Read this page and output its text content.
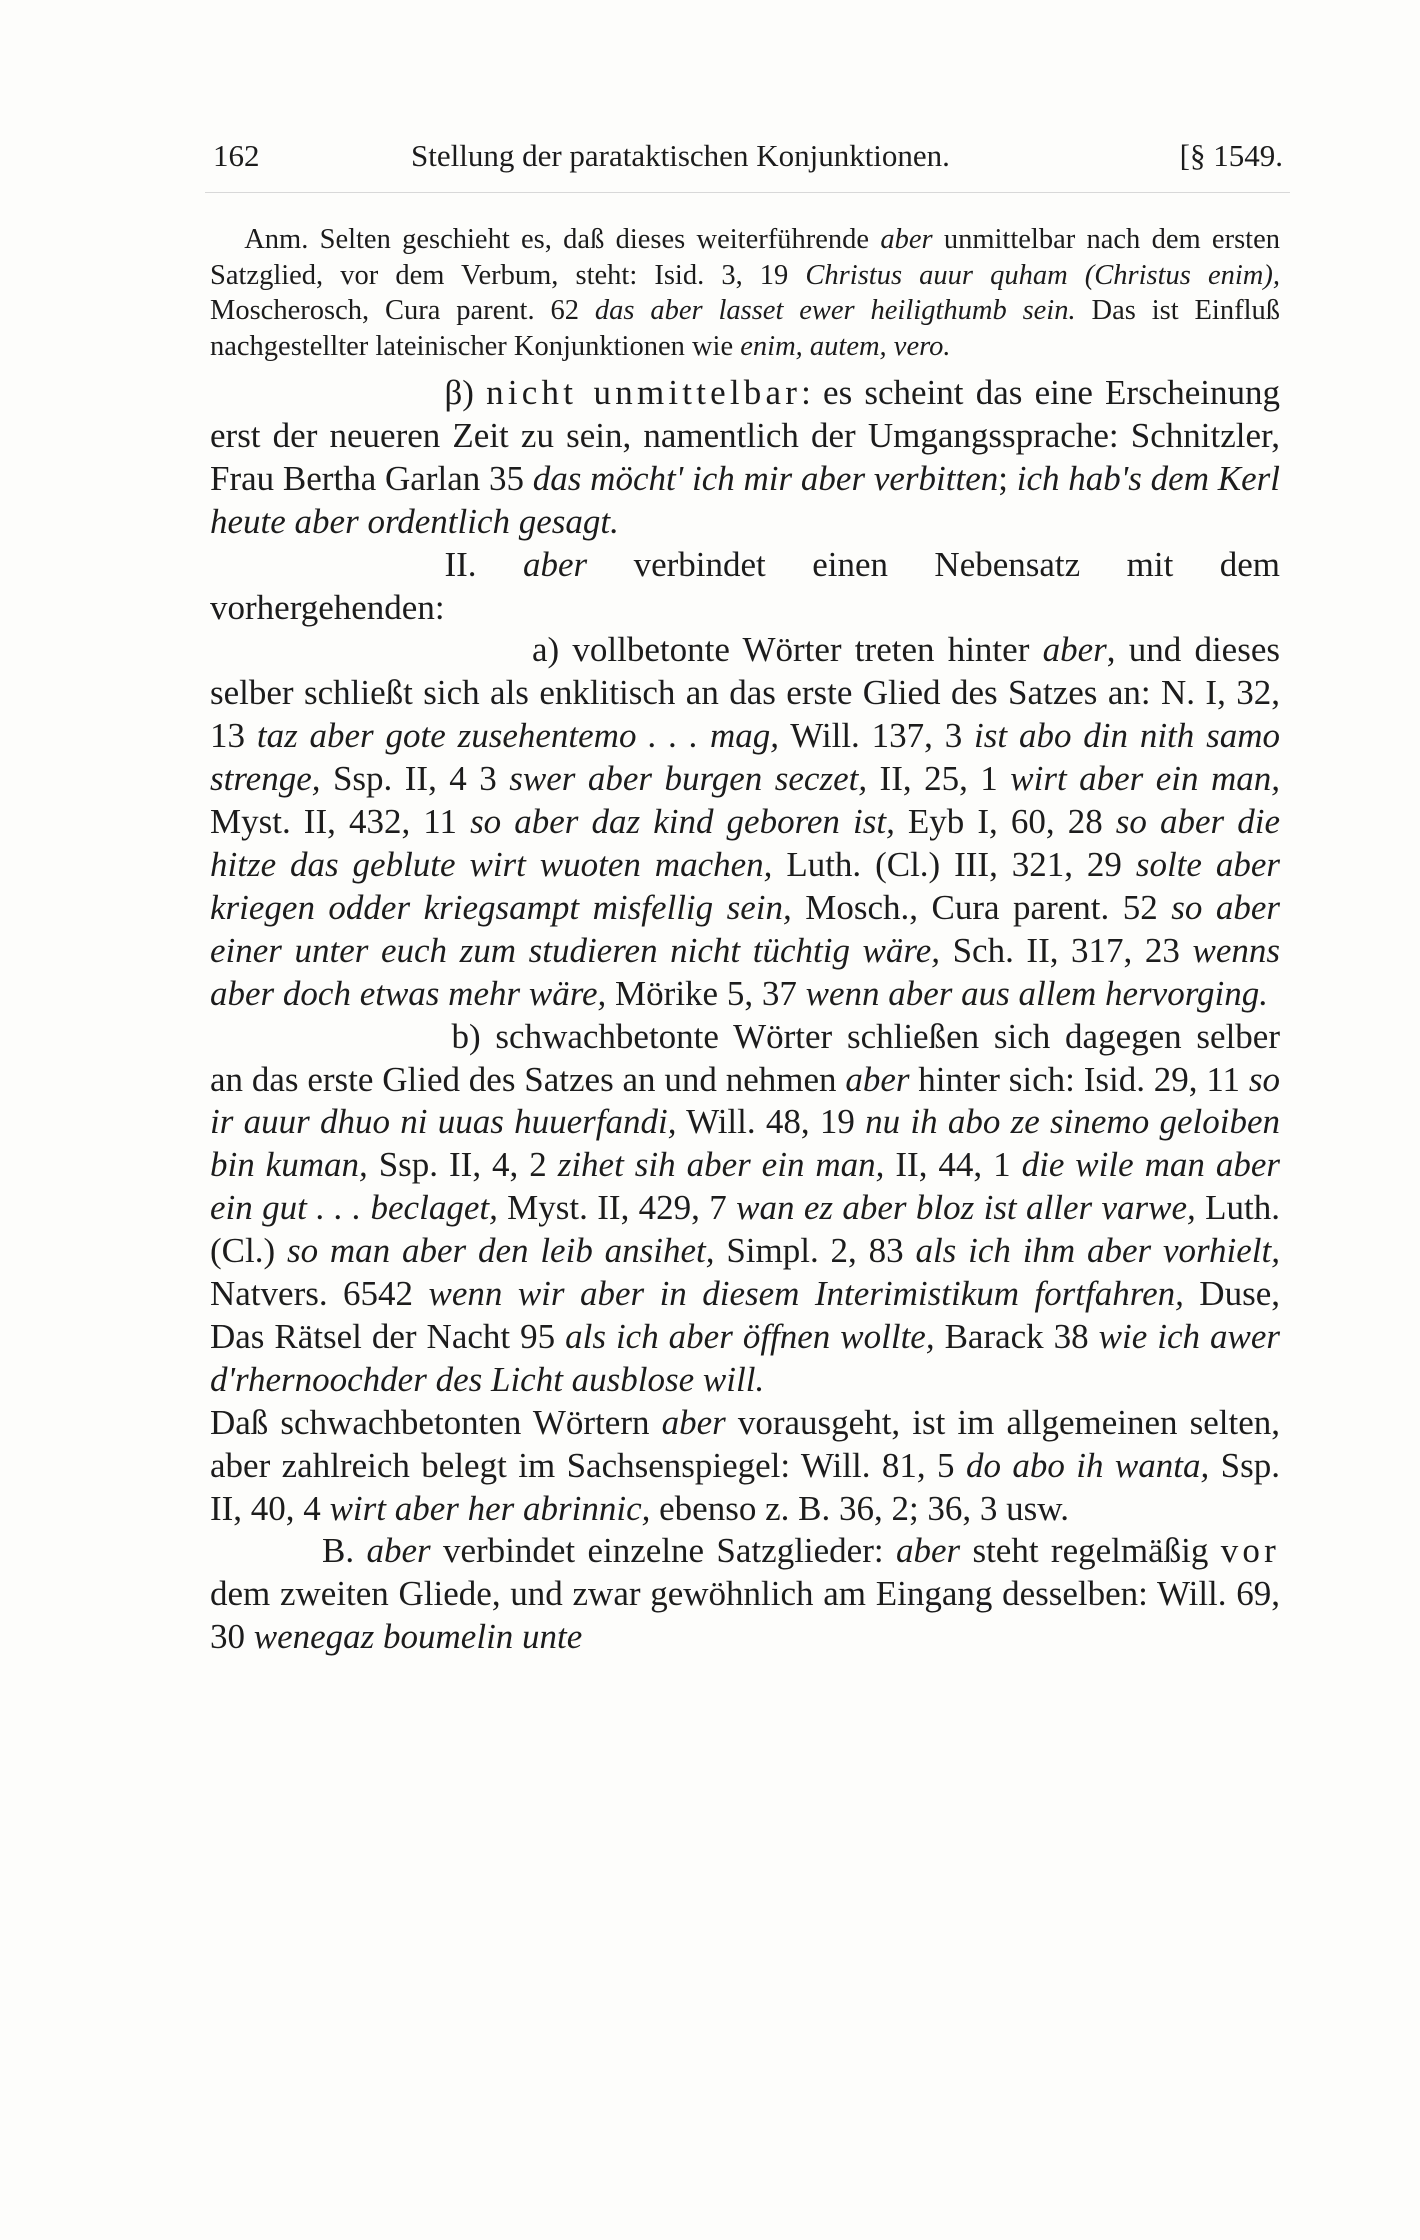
162	Stellung der parataktischen Konjunktionen.	[§ 1549.

Anm. Selten geschieht es, daß dieses weiterführende aber unmittelbar nach dem ersten Satzglied, vor dem Verbum, steht: Isid. 3, 19 Christus auur quham (Christus enim), Moscherosch, Cura parent. 62 das aber lasset ewer heiligthumb sein. Das ist Einfluß nachgestellter lateinischer Konjunktionen wie enim, autem, vero.

β) nicht unmittelbar: es scheint das eine Erscheinung erst der neueren Zeit zu sein, namentlich der Umgangssprache: Schnitzler, Frau Bertha Garlan 35 das möcht' ich mir aber verbitten; ich hab's dem Kerl heute aber ordentlich gesagt.

II. aber verbindet einen Nebensatz mit dem vorhergehenden:

a) vollbetonte Wörter treten hinter aber, und dieses selber schließt sich als enklitisch an das erste Glied des Satzes an: N. I, 32, 13 taz aber gote zusehentemo . . . mag, Will. 137, 3 ist abo din nith samo strenge, Ssp. II, 4 3 swer aber burgen seczet, II, 25, 1 wirt aber ein man, Myst. II, 432, 11 so aber daz kind geboren ist, Eyb I, 60, 28 so aber die hitze das geblute wirt wuoten machen, Luth. (Cl.) III, 321, 29 solte aber kriegen odder kriegsampt misfellig sein, Mosch., Cura parent. 52 so aber einer unter euch zum studieren nicht tüchtig wäre, Sch. II, 317, 23 wenns aber doch etwas mehr wäre, Mörike 5, 37 wenn aber aus allem hervorging.

b) schwachbetonte Wörter schließen sich dagegen selber an das erste Glied des Satzes an und nehmen aber hinter sich: Isid. 29, 11 so ir auur dhuo ni uuas huuerfandi, Will. 48, 19 nu ih abo ze sinemo geloiben bin kuman, Ssp. II, 4, 2 zihet sih aber ein man, II, 44, 1 die wile man aber ein gut . . . beclaget, Myst. II, 429, 7 wan ez aber bloz ist aller varwe, Luth. (Cl.) so man aber den leib ansihet, Simpl. 2, 83 als ich ihm aber vorhielt, Natvers. 6542 wenn wir aber in diesem Interimistikum fortfahren, Duse, Das Rätsel der Nacht 95 als ich aber öffnen wollte, Barack 38 wie ich awer d'rhernoochder des Licht ausblose will.

Daß schwachbetonten Wörtern aber vorausgeht, ist im allgemeinen selten, aber zahlreich belegt im Sachsenspiegel: Will. 81, 5 do abo ih wanta, Ssp. II, 40, 4 wirt aber her abrinnic, ebenso z. B. 36, 2; 36, 3 usw.

B. aber verbindet einzelne Satzglieder: aber steht regelmäßig vor dem zweiten Gliede, und zwar gewöhnlich am Eingang desselben: Will. 69, 30 wenegaz boumelin unte
